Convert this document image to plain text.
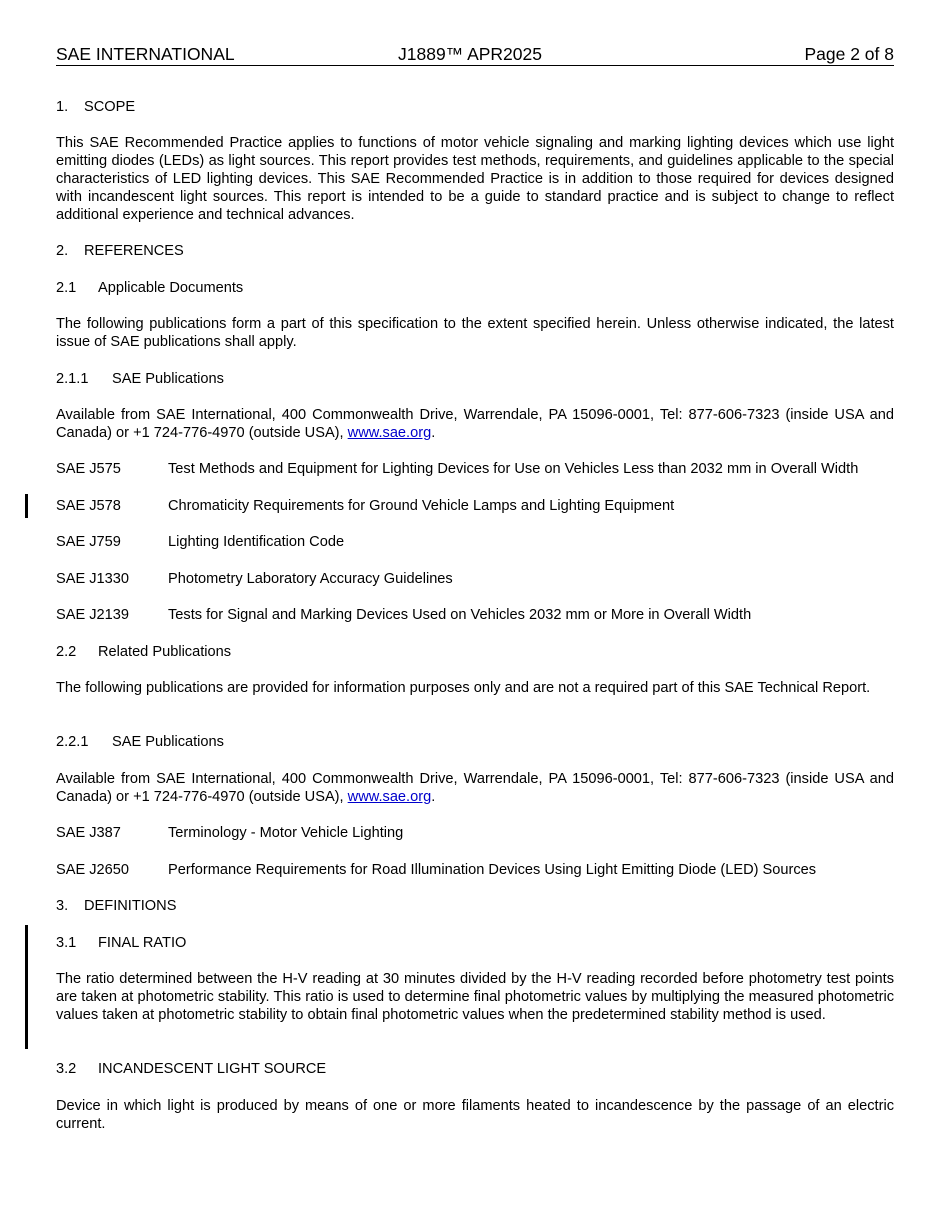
SAE INTERNATIONAL	J1889™ APR2025	Page 2 of 8
1. SCOPE
This SAE Recommended Practice applies to functions of motor vehicle signaling and marking lighting devices which use light emitting diodes (LEDs) as light sources. This report provides test methods, requirements, and guidelines applicable to the special characteristics of LED lighting devices. This SAE Recommended Practice is in addition to those required for devices designed with incandescent light sources. This report is intended to be a guide to standard practice and is subject to change to reflect additional experience and technical advances.
2. REFERENCES
2.1 Applicable Documents
The following publications form a part of this specification to the extent specified herein. Unless otherwise indicated, the latest issue of SAE publications shall apply.
2.1.1 SAE Publications
Available from SAE International, 400 Commonwealth Drive, Warrendale, PA 15096-0001, Tel: 877-606-7323 (inside USA and Canada) or +1 724-776-4970 (outside USA), www.sae.org.
SAE J575	Test Methods and Equipment for Lighting Devices for Use on Vehicles Less than 2032 mm in Overall Width
SAE J578	Chromaticity Requirements for Ground Vehicle Lamps and Lighting Equipment
SAE J759	Lighting Identification Code
SAE J1330	Photometry Laboratory Accuracy Guidelines
SAE J2139	Tests for Signal and Marking Devices Used on Vehicles 2032 mm or More in Overall Width
2.2 Related Publications
The following publications are provided for information purposes only and are not a required part of this SAE Technical Report.
2.2.1 SAE Publications
Available from SAE International, 400 Commonwealth Drive, Warrendale, PA 15096-0001, Tel: 877-606-7323 (inside USA and Canada) or +1 724-776-4970 (outside USA), www.sae.org.
SAE J387	Terminology - Motor Vehicle Lighting
SAE J2650	Performance Requirements for Road Illumination Devices Using Light Emitting Diode (LED) Sources
3. DEFINITIONS
3.1 FINAL RATIO
The ratio determined between the H-V reading at 30 minutes divided by the H-V reading recorded before photometry test points are taken at photometric stability. This ratio is used to determine final photometric values by multiplying the measured photometric values taken at photometric stability to obtain final photometric values when the predetermined stability method is used.
3.2 INCANDESCENT LIGHT SOURCE
Device in which light is produced by means of one or more filaments heated to incandescence by the passage of an electric current.
